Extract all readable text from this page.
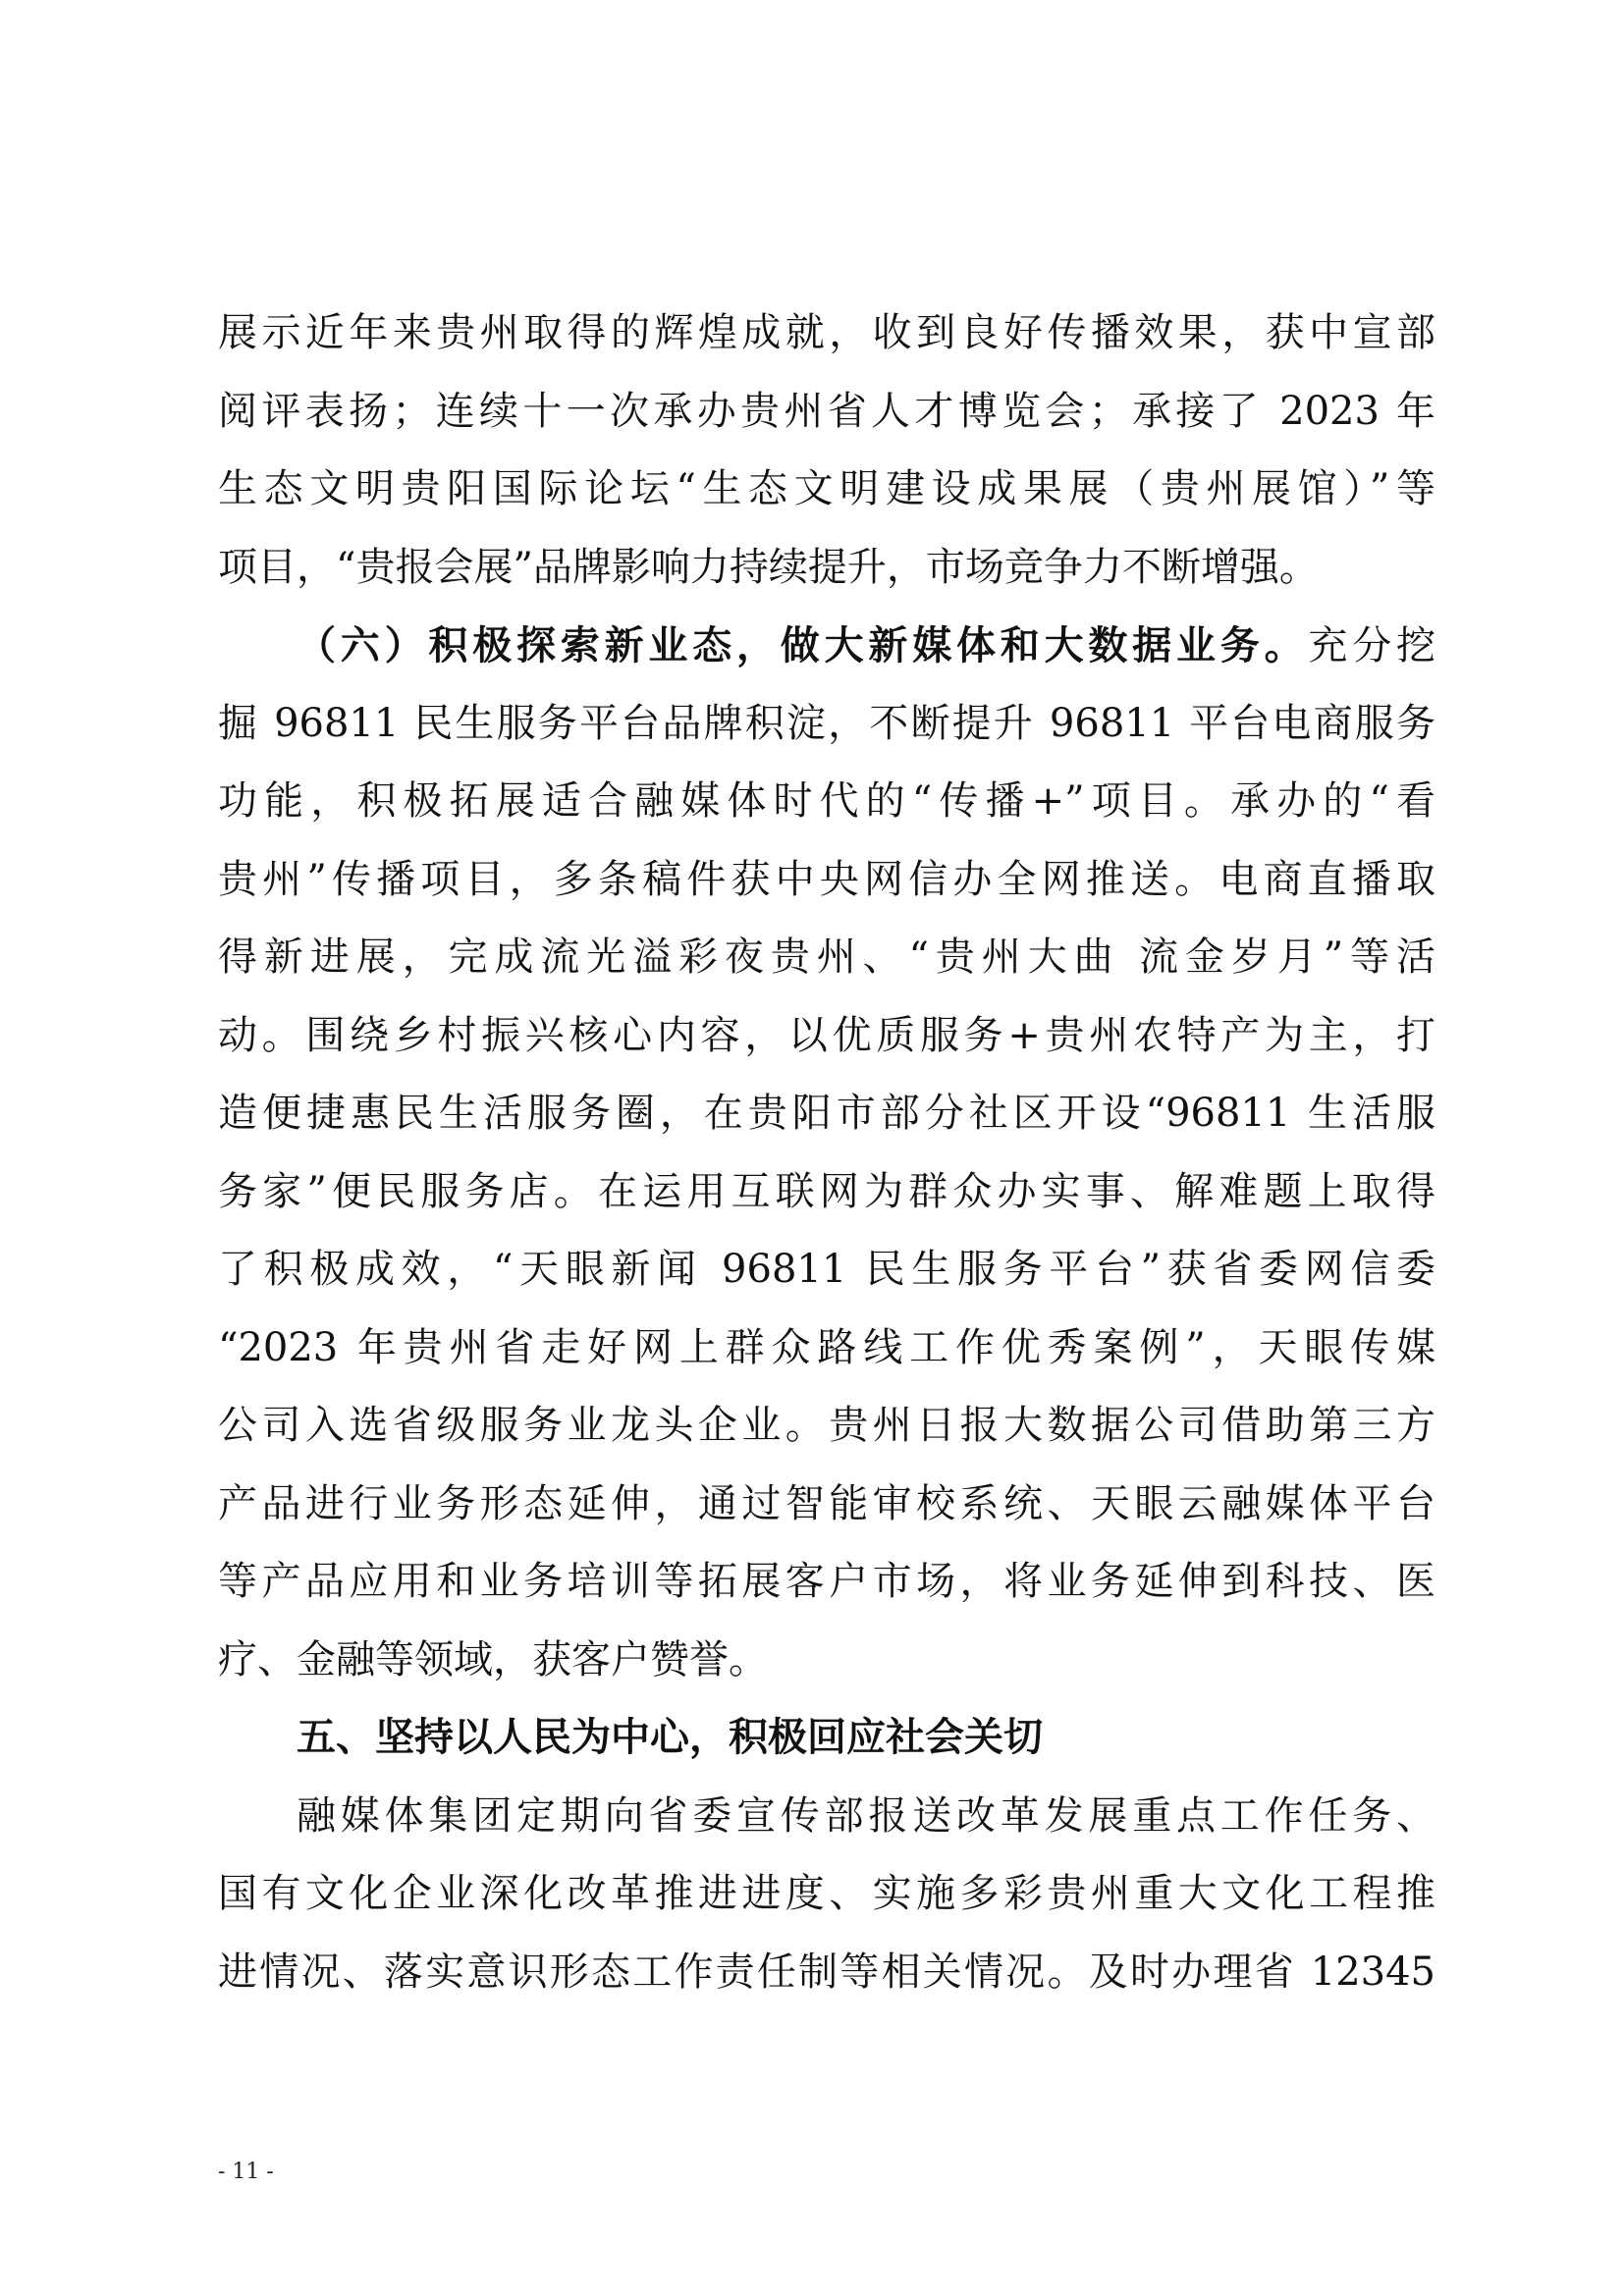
展示近年来贵州取得的辉煌成就，收到良好传播效果，获中宣部
阅评表扬；连续十一次承办贵州省人才博览会；承接了 2023 年
生态文明贵阳国际论坛“生态文明建设成果展（贵州展馆）”等
项目，“贵报会展”品牌影响力持续提升，市场竞争力不断增强。
（六）积极探索新业态，做大新媒体和大数据业务。充分挖
掘 96811 民生服务平台品牌积淀，不断提升 96811 平台电商服务
功能，积极拓展适合融媒体时代的“传播+”项目。承办的“看
贵州”传播项目，多条稿件获中央网信办全网推送。电商直播取
得新进展，完成流光溢彩夜贵州、“贵州大曲 流金岁月”等活
动。围绕乡村振兴核心内容，以优质服务+贵州农特产为主，打
造便捷惠民生活服务圈，在贵阳市部分社区开设“96811 生活服
务家”便民服务店。在运用互联网为群众办实事、解难题上取得
了积极成效，“天眼新闻 96811 民生服务平台”获省委网信委
“2023 年贵州省走好网上群众路线工作优秀案例”，天眼传媒
公司入选省级服务业龙头企业。贵州日报大数据公司借助第三方
产品进行业务形态延伸，通过智能审校系统、天眼云融媒体平台
等产品应用和业务培训等拓展客户市场，将业务延伸到科技、医
疗、金融等领域，获客户赞誉。
五、坚持以人民为中心，积极回应社会关切
融媒体集团定期向省委宣传部报送改革发展重点工作任务、
国有文化企业深化改革推进进度、实施多彩贵州重大文化工程推
进情况、落实意识形态工作责任制等相关情况。及时办理省 12345
- 11 -
